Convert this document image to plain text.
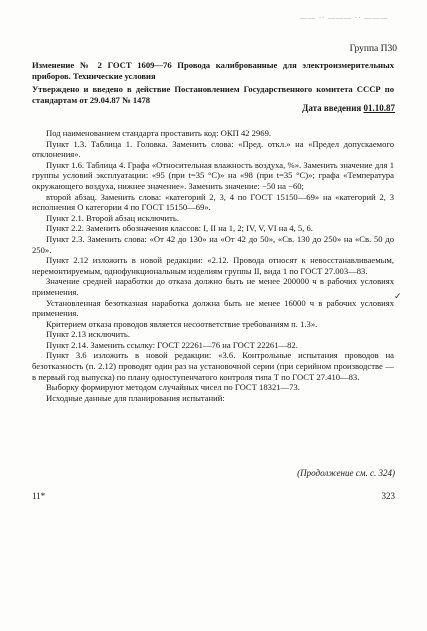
—— ·· ——— ·· ———
Группа П30
Изменение № 2 ГОСТ 1609—76 Провода калиброванные для электроизмерительных приборов. Технические условия
Утверждено и введено в действие Постановлением Государственного комитета СССР по стандартам от 29.04.87 № 1478
Дата введения 01.10.87

Под наименованием стандарта проставить код: ОКП 42 2969.

Пункт 1.3. Таблица 1. Головка. Заменить слова: «Пред. откл.» на «Предел допускаемого отклонения».

Пункт 1.6. Таблица 4. Графа «Относительная влажность воздуха, %». Заменить значение для 1 группы условий эксплуатации: «95 (при t=35 °С)» на «98 (при t=35 °С)»; графа «Температура окружающего воздуха, нижнее значение». Заменить значение: −50 на −60;

второй абзац. Заменить слова: «категорий 2, 3, 4 по ГОСТ 15150—69» на «категорий 2, 3 исполнения О категории 4 по ГОСТ 15150—69».

Пункт 2.1. Второй абзац исключить.

Пункт 2.2. Заменить обозначения классов: I, II на 1, 2; IV, V, VI на 4, 5, 6.

Пункт 2.3. Заменить слова: «От 42 до 130» на «От 42 до 50», «Св. 130 до 250» на «Св. 50 до 250».

Пункт 2.12 изложить в новой редакции: «2.12. Провода относят к невосстанавливаемым, неремонтируемым, однофункциональным изделиям группы II, вида 1 по ГОСТ 27.003—83.

Значение средней наработки до отказа должно быть не менее 200000 ч в рабочих условиях применения.

Установленная безотказная наработка должна быть не менее 16000 ч в рабочих условиях применения.

Критерием отказа проводов является несоответствие требованиям п. 1.3».

Пункт 2.13 исключить.

Пункт 2.14. Заменить ссылку: ГОСТ 22261—76 на ГОСТ 22261—82.

Пункт 3.6 изложить в новой редакции: «3.6. Контрольные испытания проводов на безотказность (п. 2.12) проводят один раз на установочной серии (при серийном производстве — в первый год выпуска) по плану одноступенчатого контроля типа Т по ГОСТ 27.410—83.

Выборку формируют методом случайных чисел по ГОСТ 18321—73.

Исходные данные для планирования испытаний:

✓
(Продолжение см. с. 324)
11*	323
